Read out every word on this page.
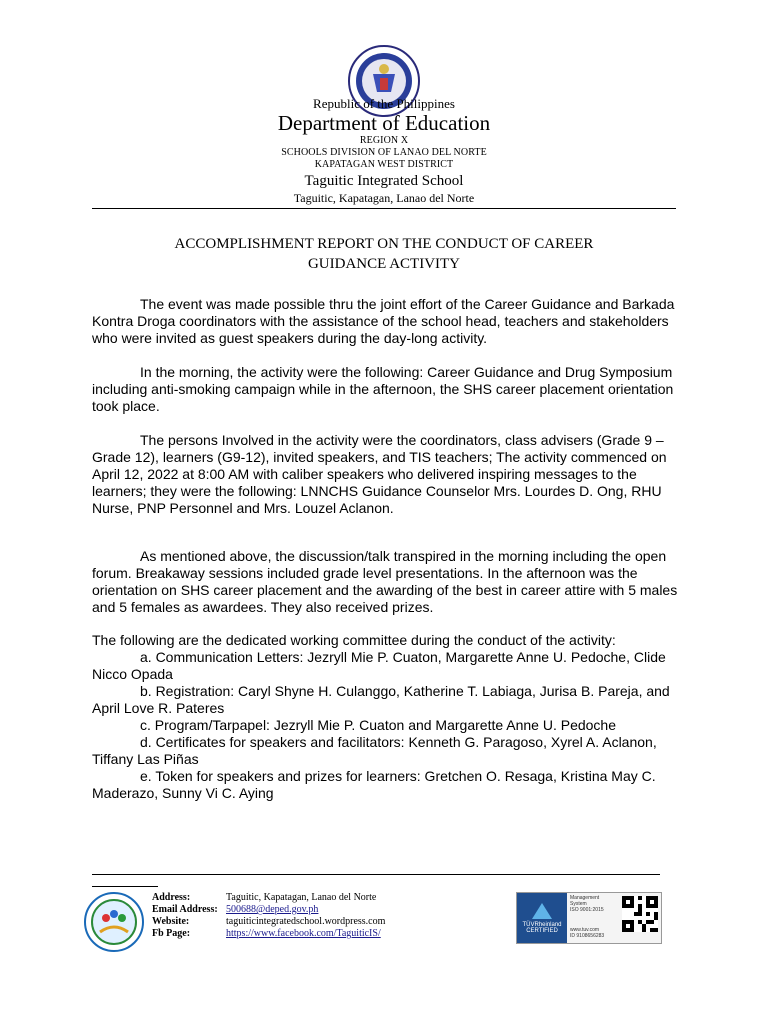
Republic of the Philippines
Department of Education
REGION X
SCHOOLS DIVISION OF LANAO DEL NORTE
KAPATAGAN WEST DISTRICT
Taguitic Integrated School
Taguitic, Kapatagan, Lanao del Norte
ACCOMPLISHMENT REPORT ON THE CONDUCT OF CAREER
GUIDANCE ACTIVITY

The event was made possible thru the joint effort of the Career Guidance and Barkada Kontra Droga coordinators with the assistance of the school head, teachers and stakeholders who were invited as guest speakers during the day-long activity.

In the morning, the activity were the following: Career Guidance and Drug Symposium including anti-smoking campaign while in the afternoon, the SHS career placement orientation took place.

The persons Involved in the activity were the coordinators, class advisers (Grade 9 – Grade 12), learners (G9-12), invited speakers, and TIS teachers; The activity commenced on April 12, 2022 at 8:00 AM with caliber speakers who delivered inspiring messages to the learners; they were the following: LNNCHS Guidance Counselor Mrs. Lourdes D. Ong, RHU Nurse, PNP Personnel and Mrs. Louzel Aclanon.

As mentioned above, the discussion/talk transpired in the morning including the open forum. Breakaway sessions included grade level presentations. In the afternoon was the orientation on SHS career placement and the awarding of the best in career attire with 5 males and 5 females as awardees. They also received prizes.

The following are the dedicated working committee during the conduct of the activity:

a. Communication Letters: Jezryll Mie P. Cuaton, Margarette Anne U. Pedoche, Clide Nicco Opada

b. Registration: Caryl Shyne H. Culanggo, Katherine T. Labiaga, Jurisa B. Pareja, and April Love R. Pateres

c. Program/Tarpapel: Jezryll Mie P. Cuaton and Margarette Anne U. Pedoche

d. Certificates for speakers and facilitators: Kenneth G. Paragoso, Xyrel A. Aclanon, Tiffany Las Piñas

e. Token for speakers and prizes for learners: Gretchen O. Resaga, Kristina May C. Maderazo, Sunny Vi C. Aying

Address:	Taguitic, Kapatagan, Lanao del Norte
Email Address: 500688@deped.gov.ph
Website:	taguiticintegratedschool.wordpress.com
Fb Page:	https://www.facebook.com/TaguiticIS/
TÜVRheinland
CERTIFIED
Management
System
ISO 9001:2015
www.tuv.com
ID 9108656283
